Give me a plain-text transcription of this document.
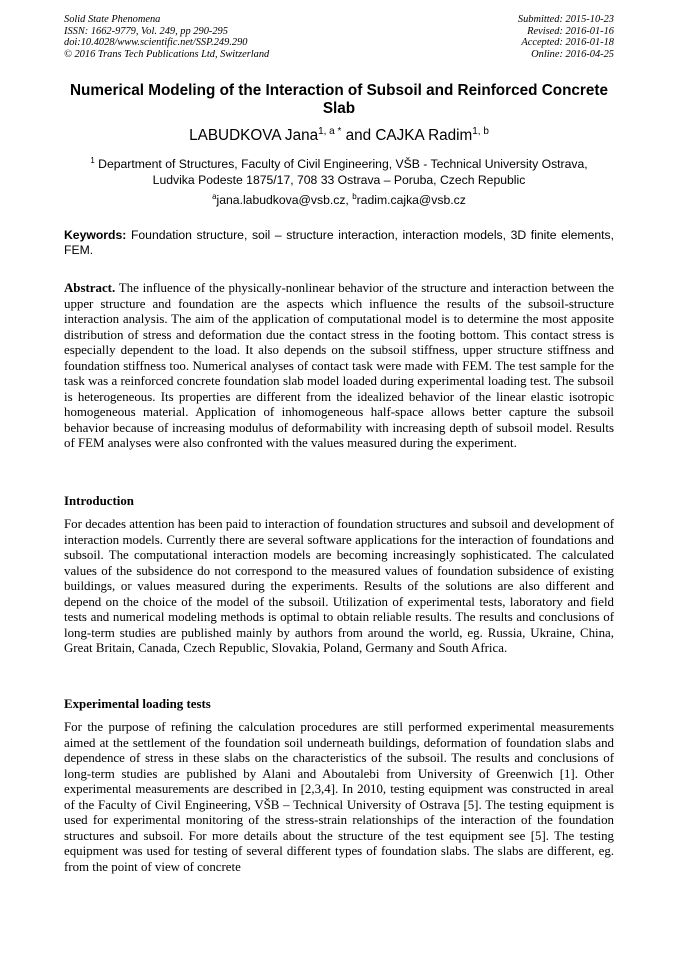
Solid State Phenomena
ISSN: 1662-9779, Vol. 249, pp 290-295
doi:10.4028/www.scientific.net/SSP.249.290
© 2016 Trans Tech Publications Ltd, Switzerland
Submitted: 2015-10-23
Revised: 2016-01-16
Accepted: 2016-01-18
Online: 2016-04-25
Numerical Modeling of the Interaction of Subsoil and Reinforced Concrete Slab
LABUDKOVA Jana$^{1, a *}$ and CAJKA Radim$^{1, b}$
$^1$ Department of Structures, Faculty of Civil Engineering, VŠB - Technical University Ostrava,
Ludvika Podeste 1875/17, 708 33 Ostrava – Poruba, Czech Republic
$^a$jana.labudkova@vsb.cz, $^b$radim.cajka@vsb.cz
Keywords: Foundation structure, soil – structure interaction, interaction models, 3D finite elements, FEM.
Abstract. The influence of the physically-nonlinear behavior of the structure and interaction between the upper structure and foundation are the aspects which influence the results of the subsoil-structure interaction analysis. The aim of the application of computational model is to determine the most apposite distribution of stress and deformation due the contact stress in the footing bottom. This contact stress is especially dependent to the load. It also depends on the subsoil stiffness, upper structure stiffness and foundation stiffness too. Numerical analyses of contact task were made with FEM. The test sample for the task was a reinforced concrete foundation slab model loaded during experimental loading test. The subsoil is heterogeneous. Its properties are different from the idealized behavior of the linear elastic isotropic homogeneous material. Application of inhomogeneous half-space allows better capture the subsoil behavior because of increasing modulus of deformability with increasing depth of subsoil model. Results of FEM analyses were also confronted with the values measured during the experiment.
Introduction
For decades attention has been paid to interaction of foundation structures and subsoil and development of interaction models. Currently there are several software applications for the interaction of foundations and subsoil. The computational interaction models are becoming increasingly sophisticated. The calculated values of the subsidence do not correspond to the measured values of foundation subsidence of existing buildings, or values measured during the experiments. Results of the solutions are also different and depend on the choice of the model of the subsoil. Utilization of experimental tests, laboratory and field tests and numerical modeling methods is optimal to obtain reliable results. The results and conclusions of long-term studies are published mainly by authors from around the world, eg. Russia, Ukraine, China, Great Britain, Canada, Czech Republic, Slovakia, Poland, Germany and South Africa.
Experimental loading tests
For the purpose of refining the calculation procedures are still performed experimental measurements aimed at the settlement of the foundation soil underneath buildings, deformation of foundation slabs and dependence of stress in these slabs on the characteristics of the subsoil. The results and conclusions of long-term studies are published by Alani and Aboutalebi from University of Greenwich [1]. Other experimental measurements are described in [2,3,4]. In 2010, testing equipment was constructed in areal of the Faculty of Civil Engineering, VŠB – Technical University of Ostrava [5]. The testing equipment is used for experimental monitoring of the stress-strain relationships of the interaction of the foundation structures and subsoil. For more details about the structure of the test equipment see [5]. The testing equipment was used for testing of several different types of foundation slabs. The slabs are different, eg. from the point of view of concrete
